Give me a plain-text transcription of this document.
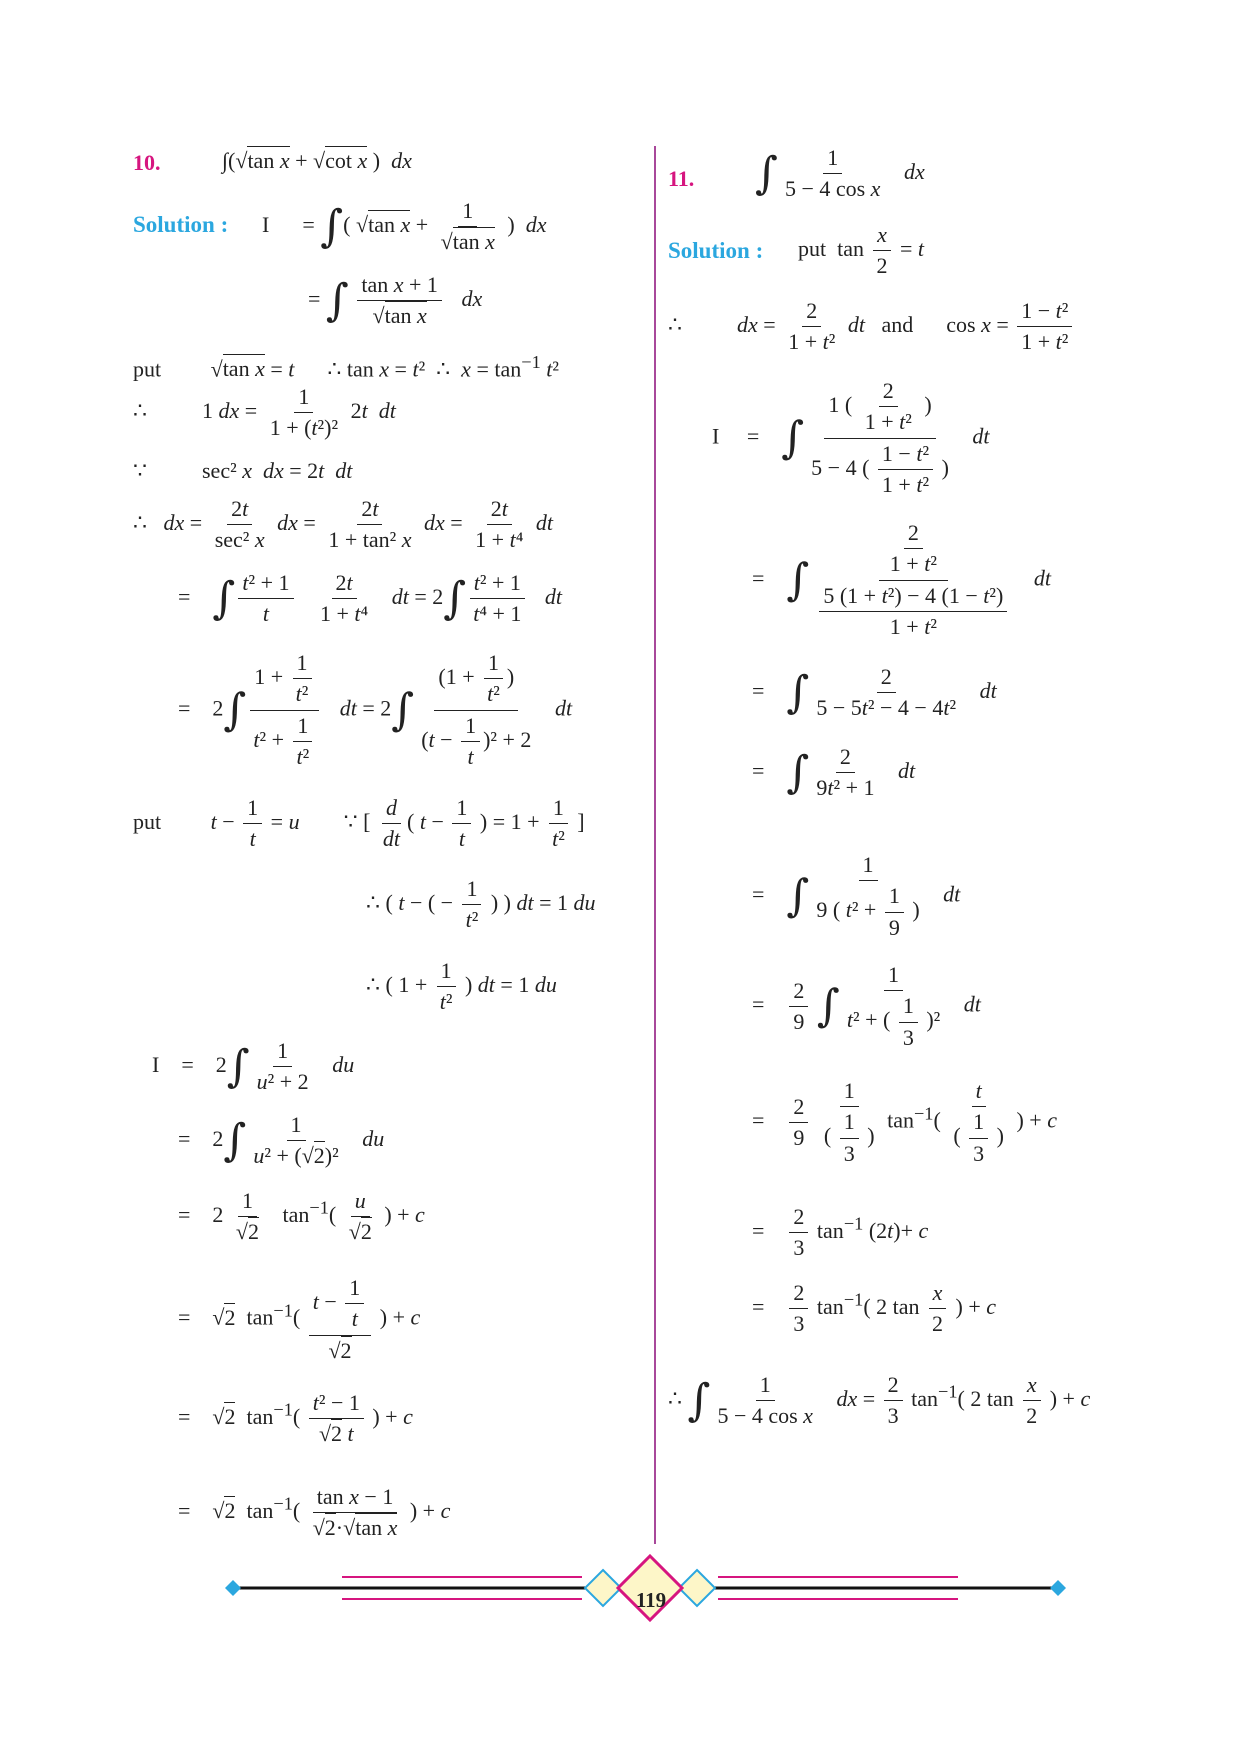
10.	∫(√tan x + √cot x )  dx
Solution : I      = ∫( √tan $x + \frac{1}{\text{√tan x}}$ )  dx
= ∫ $\frac{\text{tan x + 1}}{\text{√tan x}}$ dx
put         √tan x = t      ∴ tan x = t²  ∴  $x = \tan^{-1} t^2$
∴          1 dx = $\frac{1}{\text{1 + (t²)²}} 2t$ dt
∵          sec² x dx = 2t dt
∴   dx = $\frac{2t}{\text{sec² x}}$ dx = $\frac{2t}{\text{1 + tan² x}}$ dx = $\frac{2t}{\text{1 + t⁴}}$ dt
=    ∫ $\frac{\text{t² + 1}}{t}$
$\frac{2t}{\text{1 + t⁴}}$ dt = $2\int \frac{\text{t² + 1}}{\text{t⁴ + 1}}$ dt
=    $2\int \frac{1 + \frac{1}{\text{t²}}}{t^2 + \frac{1}{\text{t²}}}$ dt = $2\int \frac{(1 + \frac{1}{\text{t²}} )}{(t - \frac{1}{t} )^2 + 2}$ dt
put         $t - \frac{1}{t} = u$        ∵ [ $\frac{d}{dt}$ ( $t - \frac{1}{t}$ ) = $1 + \frac{1}{\text{t²}}$ ]
∴ ( t − ( − $\frac{1}{\text{t²}}$ ) ) dt = 1 du
∴ ( $1 + \frac{1}{\text{t²}}$ ) dt = 1 du
I    =    $2\int \frac{1}{\text{u² + 2}}$ du
=    $2\int \frac{1}{\text{u² + (√2)²}}$ du
=    $2 \frac{1}{√2} \tan^{-1}( \frac{u}{√2}$ ) + c
=    √2  $\tan^{-1}( \frac{t - \frac{1}{t}}{√2}$ ) + c
=    √2  $\tan^{-1}( \frac{\text{t² − 1}}{√2 t}$ ) + c
=    √2  $\tan^{-1}( \frac{\text{tan x − 1}}{\text{√2·√tan x}}$ ) + c
11. ∫ $\frac{1}{\text{5 − 4 cos x}}$ dx
Solution : put  $\tan \frac{x}{2} = t$
∴          dx = $\frac{2}{\text{1 + t²}}$ dt   and      $\cos x = \frac{\text{1 − t²}}{\text{1 + t²}}$
I     =    ∫ $\frac{1 ( \frac{2}{\text{1 + t²}} )}{5 - 4 ( \frac{\text{1 − t²}}{\text{1 + t²}} )}$ dt
=    ∫ $\frac{\frac{2}{\text{1 + t²}}}{\frac{\text{5 (1 + t²) − 4 (1 − t²)}}{\text{1 + t²}}}$ dt
=    ∫ $\frac{2}{\text{5 − 5t² − 4 − 4t²}}$ dt
=    ∫ $\frac{2}{\text{9t² + 1}}$ dt
=    ∫ $\frac{1}{9 ( t^2 + \frac{1}{9} )}$ dt
= $\frac{2}{9}$ ∫ $\frac{1}{t^2 + ( \frac{1}{3} )^2}$ dt
= $\frac{2}{9}$
$\frac{1}{( \frac{1}{3} )} \tan^{-1}( \frac{t}{( \frac{1}{3} )}$ ) + c
= $\frac{2}{3} \tan^{-1} (2t)+ c$
= $\frac{2}{3} \tan^{-1}$( 2 $\tan \frac{x}{2}$ ) + c
∴ ∫ $\frac{1}{\text{5 − 4 cos x}}$ dx = $\frac{2}{3} \tan^{-1}$( 2 $\tan \frac{x}{2}$ ) + c
119
